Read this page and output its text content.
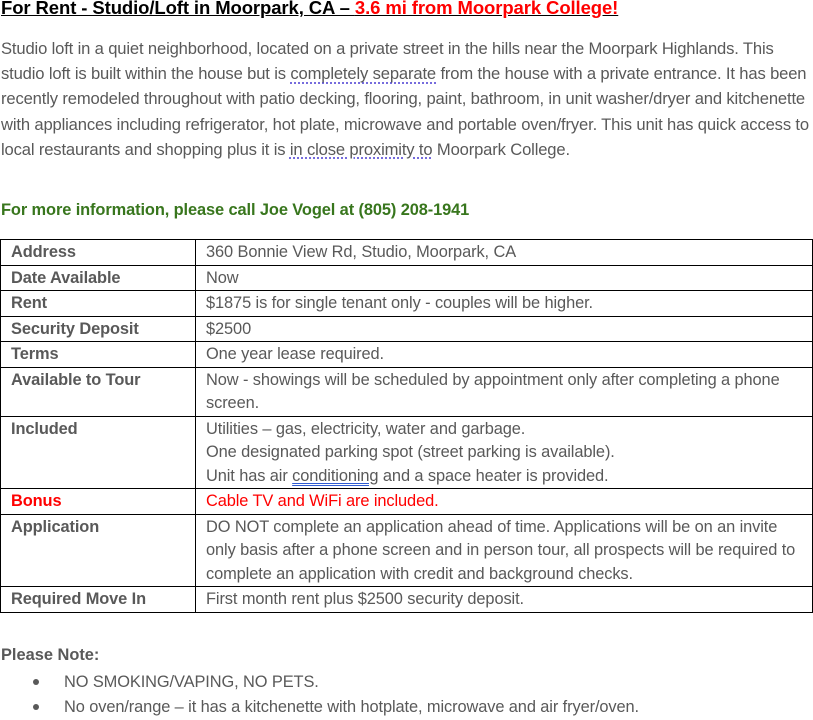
For Rent - Studio/Loft in Moorpark, CA – 3.6 mi from Moorpark College!
Studio loft in a quiet neighborhood, located on a private street in the hills near the Moorpark Highlands. This studio loft is built within the house but is completely separate from the house with a private entrance. It has been recently remodeled throughout with patio decking, flooring, paint, bathroom, in unit washer/dryer and kitchenette with appliances including refrigerator, hot plate, microwave and portable oven/fryer. This unit has quick access to local restaurants and shopping plus it is in close proximity to Moorpark College.
For more information, please call Joe Vogel at (805) 208-1941
Address	360 Bonnie View Rd, Studio, Moorpark, CA
Date Available	Now
Rent	$1875 is for single tenant only - couples will be higher.
Security Deposit	$2500
Terms	One year lease required.
Available to Tour	Now - showings will be scheduled by appointment only after completing a phone screen.
Included	Utilities – gas, electricity, water and garbage.
One designated parking spot (street parking is available).
Unit has air conditioning and a space heater is provided.

Bonus	Cable TV and WiFi are included.
Application	DO NOT complete an application ahead of time. Applications will be on an invite only basis after a phone screen and in person tour, all prospects will be required to complete an application with credit and background checks.
Required Move In	First month rent plus $2500 security deposit.
Please Note:
NO SMOKING/VAPING, NO PETS.
No oven/range – it has a kitchenette with hotplate, microwave and air fryer/oven.
